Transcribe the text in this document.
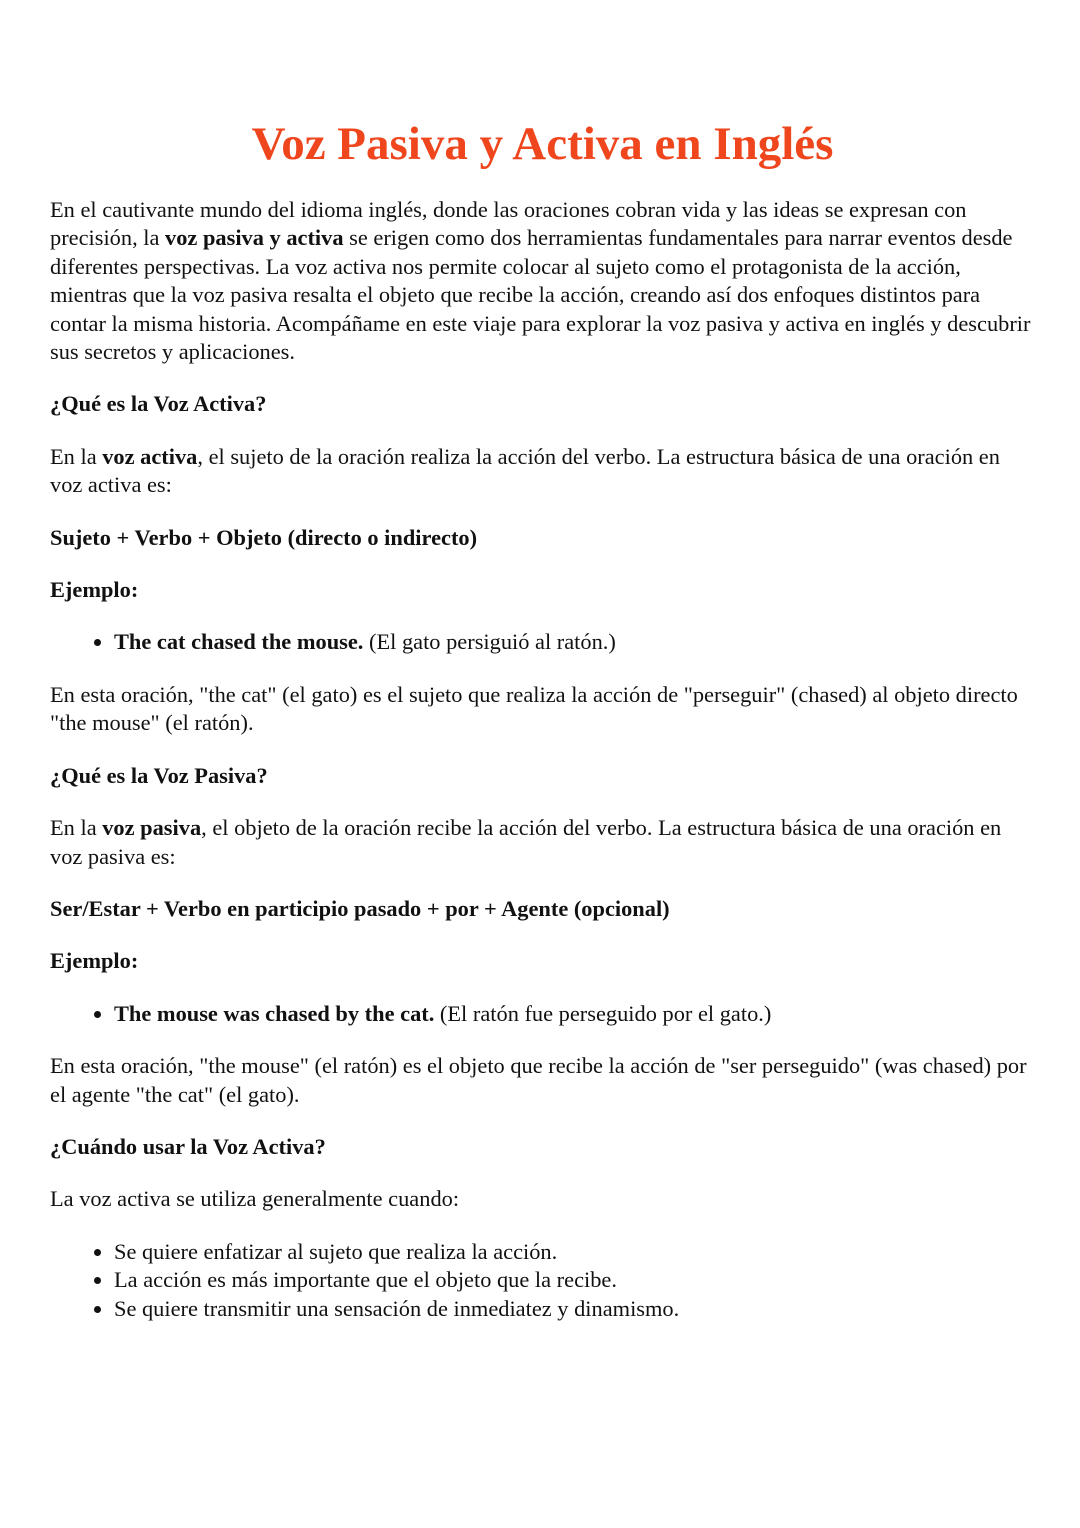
Voz Pasiva y Activa en Inglés

En el cautivante mundo del idioma inglés, donde las oraciones cobran vida y las ideas se expresan con precisión, la voz pasiva y activa se erigen como dos herramientas fundamentales para narrar eventos desde diferentes perspectivas. La voz activa nos permite colocar al sujeto como el protagonista de la acción, mientras que la voz pasiva resalta el objeto que recibe la acción, creando así dos enfoques distintos para contar la misma historia. Acompáñame en este viaje para explorar la voz pasiva y activa en inglés y descubrir sus secretos y aplicaciones.

¿Qué es la Voz Activa?

En la voz activa, el sujeto de la oración realiza la acción del verbo. La estructura básica de una oración en voz activa es:

Sujeto + Verbo + Objeto (directo o indirecto)

Ejemplo:

• The cat chased the mouse. (El gato persiguió al ratón.)

En esta oración, "the cat" (el gato) es el sujeto que realiza la acción de "perseguir" (chased) al objeto directo "the mouse" (el ratón).

¿Qué es la Voz Pasiva?

En la voz pasiva, el objeto de la oración recibe la acción del verbo. La estructura básica de una oración en voz pasiva es:

Ser/Estar + Verbo en participio pasado + por + Agente (opcional)

Ejemplo:

• The mouse was chased by the cat. (El ratón fue perseguido por el gato.)

En esta oración, "the mouse" (el ratón) es el objeto que recibe la acción de "ser perseguido" (was chased) por el agente "the cat" (el gato).

¿Cuándo usar la Voz Activa?

La voz activa se utiliza generalmente cuando:

• Se quiere enfatizar al sujeto que realiza la acción.
• La acción es más importante que el objeto que la recibe.
• Se quiere transmitir una sensación de inmediatez y dinamismo.
